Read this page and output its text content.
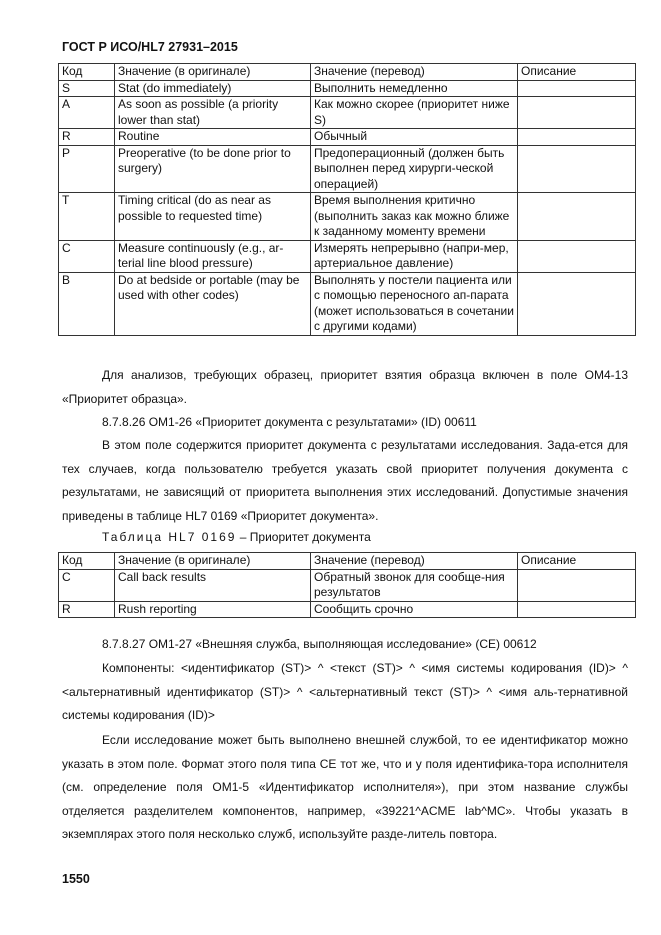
ГОСТ Р ИСО/HL7 27931–2015
Код	Значение (в оригинале)	Значение (перевод)	Описание
S	Stat (do immediately)	Выполнить немедленно	
A	As soon as possible (a priority lower than stat)	Как можно скорее (приоритет ниже S)	
R	Routine	Обычный	
P	Preoperative (to be done prior to surgery)	Предоперационный (должен быть выполнен перед хирурги-ческой операцией)	
T	Timing critical (do as near as possible to requested time)	Время выполнения критично (выполнить заказ как можно ближе к заданному моменту времени	
C	Measure continuously (e.g., ar-terial line blood pressure)	Измерять непрерывно (напри-мер, артериальное давление)	
B	Do at bedside or portable (may be used with other codes)	Выполнять у постели пациента или с помощью переносного ап-парата (может использоваться в сочетании с другими кодами)	
Для анализов, требующих образец, приоритет взятия образца включен в поле OM4-13 «Приоритет образца».
8.7.8.26 OM1-26 «Приоритет документа с результатами» (ID) 00611
В этом поле содержится приоритет документа с результатами исследования. Зада-ется для тех случаев, когда пользователю требуется указать свой приоритет получения документа с результатами, не зависящий от приоритета выполнения этих исследований. Допустимые значения приведены в таблице HL7 0169 «Приоритет документа».
Таблица HL7 0169 – Приоритет документа
Код	Значение (в оригинале)	Значение (перевод)	Описание
C	Call back results	Обратный звонок для сообще-ния результатов	
R	Rush reporting	Сообщить срочно	
8.7.8.27 OM1-27 «Внешняя служба, выполняющая исследование» (CE) 00612
Компоненты: <идентификатор (ST)> ^ <текст (ST)> ^ <имя системы кодирования (ID)> ^ <альтернативный идентификатор (ST)> ^ <альтернативный текст (ST)> ^ <имя аль-тернативной системы кодирования (ID)>
Если исследование может быть выполнено внешней службой, то ее идентификатор можно указать в этом поле. Формат этого поля типа CE тот же, что и у поля идентифика-тора исполнителя (см. определение поля OM1-5 «Идентификатор исполнителя»), при этом название службы отделяется разделителем компонентов, например, «39221^ACME lab^MC». Чтобы указать в экземплярах этого поля несколько служб, используйте разде-литель повтора.
1550
